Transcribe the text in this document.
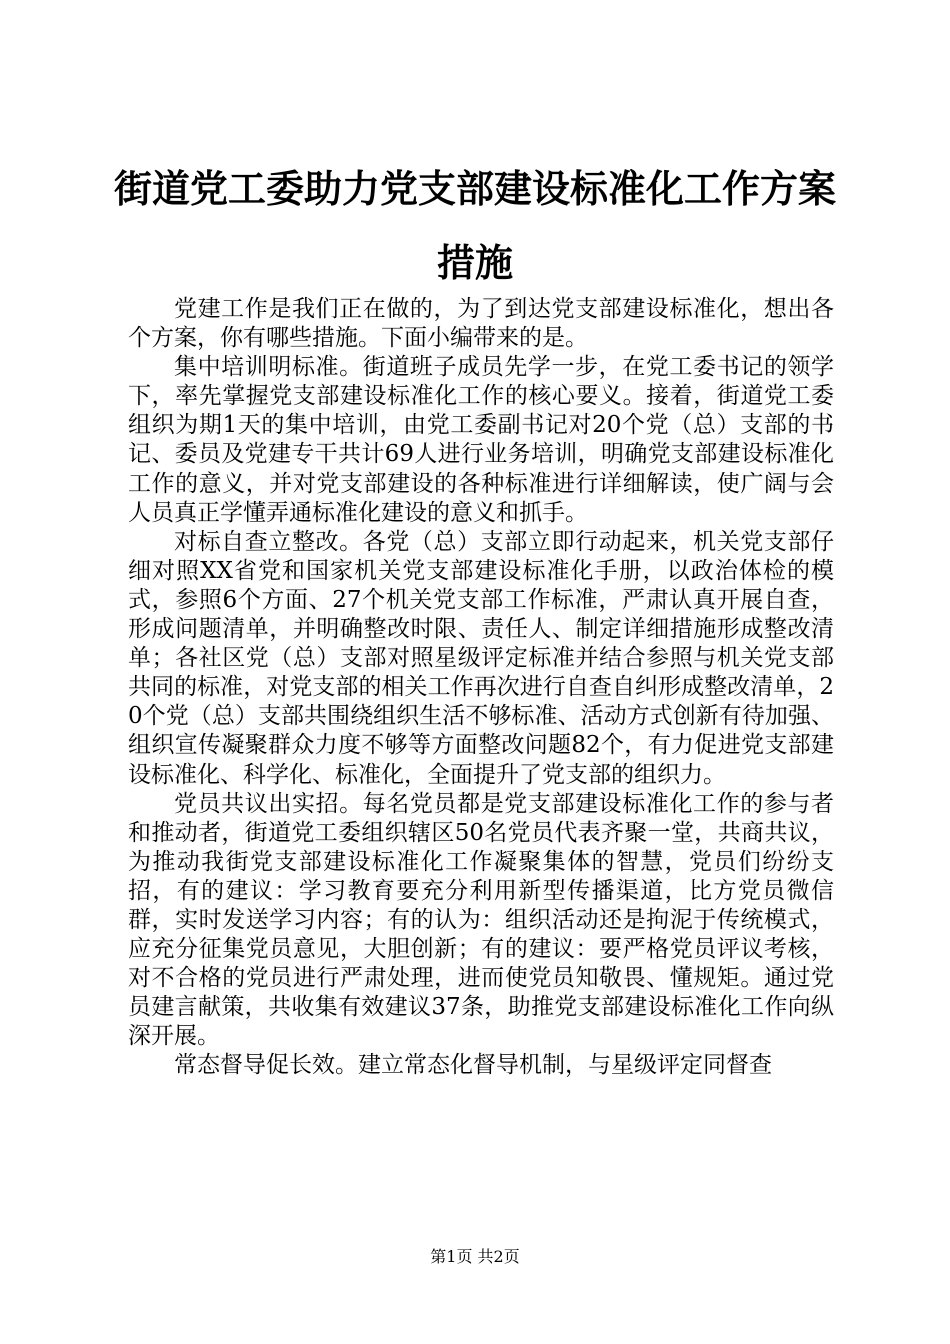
街道党工委助力党支部建设标准化工作方案措施

党建工作是我们正在做的，为了到达党支部建设标准化，想出各个方案，你有哪些措施。下面小编带来的是。

集中培训明标准。街道班子成员先学一步，在党工委书记的领学下，率先掌握党支部建设标准化工作的核心要义。接着，街道党工委组织为期1天的集中培训，由党工委副书记对20个党（总）支部的书记、委员及党建专干共计69人进行业务培训，明确党支部建设标准化工作的意义，并对党支部建设的各种标准进行详细解读，使广阔与会人员真正学懂弄通标准化建设的意义和抓手。

对标自查立整改。各党（总）支部立即行动起来，机关党支部仔细对照XX省党和国家机关党支部建设标准化手册，以政治体检的模式，参照6个方面、27个机关党支部工作标准，严肃认真开展自查，形成问题清单，并明确整改时限、责任人、制定详细措施形成整改清单；各社区党（总）支部对照星级评定标准并结合参照与机关党支部共同的标准，对党支部的相关工作再次进行自查自纠形成整改清单，20个党（总）支部共围绕组织生活不够标准、活动方式创新有待加强、组织宣传凝聚群众力度不够等方面整改问题82个，有力促进党支部建设标准化、科学化、标准化，全面提升了党支部的组织力。

党员共议出实招。每名党员都是党支部建设标准化工作的参与者和推动者，街道党工委组织辖区50名党员代表齐聚一堂，共商共议，为推动我街党支部建设标准化工作凝聚集体的智慧，党员们纷纷支招，有的建议：学习教育要充分利用新型传播渠道，比方党员微信群，实时发送学习内容；有的认为：组织活动还是拘泥于传统模式，应充分征集党员意见，大胆创新；有的建议：要严格党员评议考核，对不合格的党员进行严肃处理，进而使党员知敬畏、懂规矩。通过党员建言献策，共收集有效建议37条，助推党支部建设标准化工作向纵深开展。

常态督导促长效。建立常态化督导机制，与星级评定同督查

第1页 共2页
